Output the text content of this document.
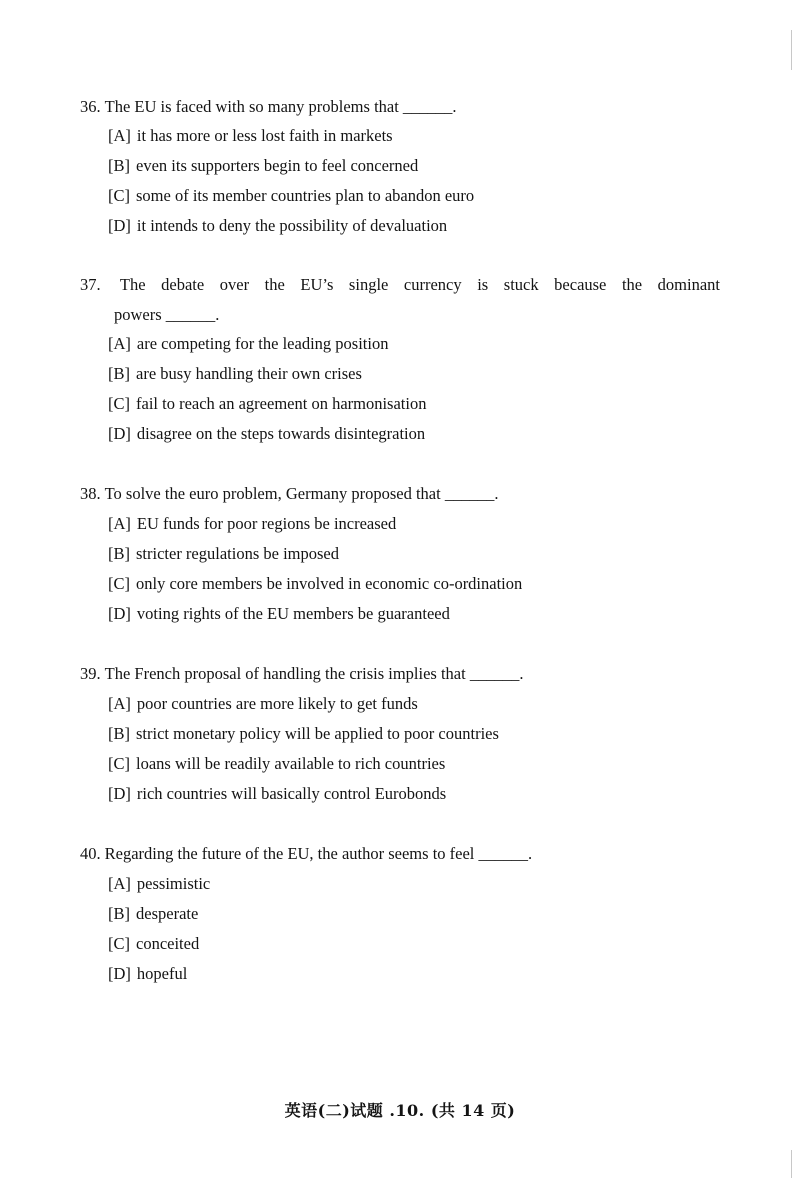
36. The EU is faced with so many problems that ______.
[A] it has more or less lost faith in markets
[B] even its supporters begin to feel concerned
[C] some of its member countries plan to abandon euro
[D] it intends to deny the possibility of devaluation
37. The debate over the EU’s single currency is stuck because the dominant
powers ______.
[A] are competing for the leading position
[B] are busy handling their own crises
[C] fail to reach an agreement on harmonisation
[D] disagree on the steps towards disintegration
38. To solve the euro problem, Germany proposed that ______.
[A] EU funds for poor regions be increased
[B] stricter regulations be imposed
[C] only core members be involved in economic co-ordination
[D] voting rights of the EU members be guaranteed
39. The French proposal of handling the crisis implies that ______.
[A] poor countries are more likely to get funds
[B] strict monetary policy will be applied to poor countries
[C] loans will be readily available to rich countries
[D] rich countries will basically control Eurobonds
40. Regarding the future of the EU, the author seems to feel ______.
[A] pessimistic
[B] desperate
[C] conceited
[D] hopeful
英语(二)试题 .10. (共 14 页)
